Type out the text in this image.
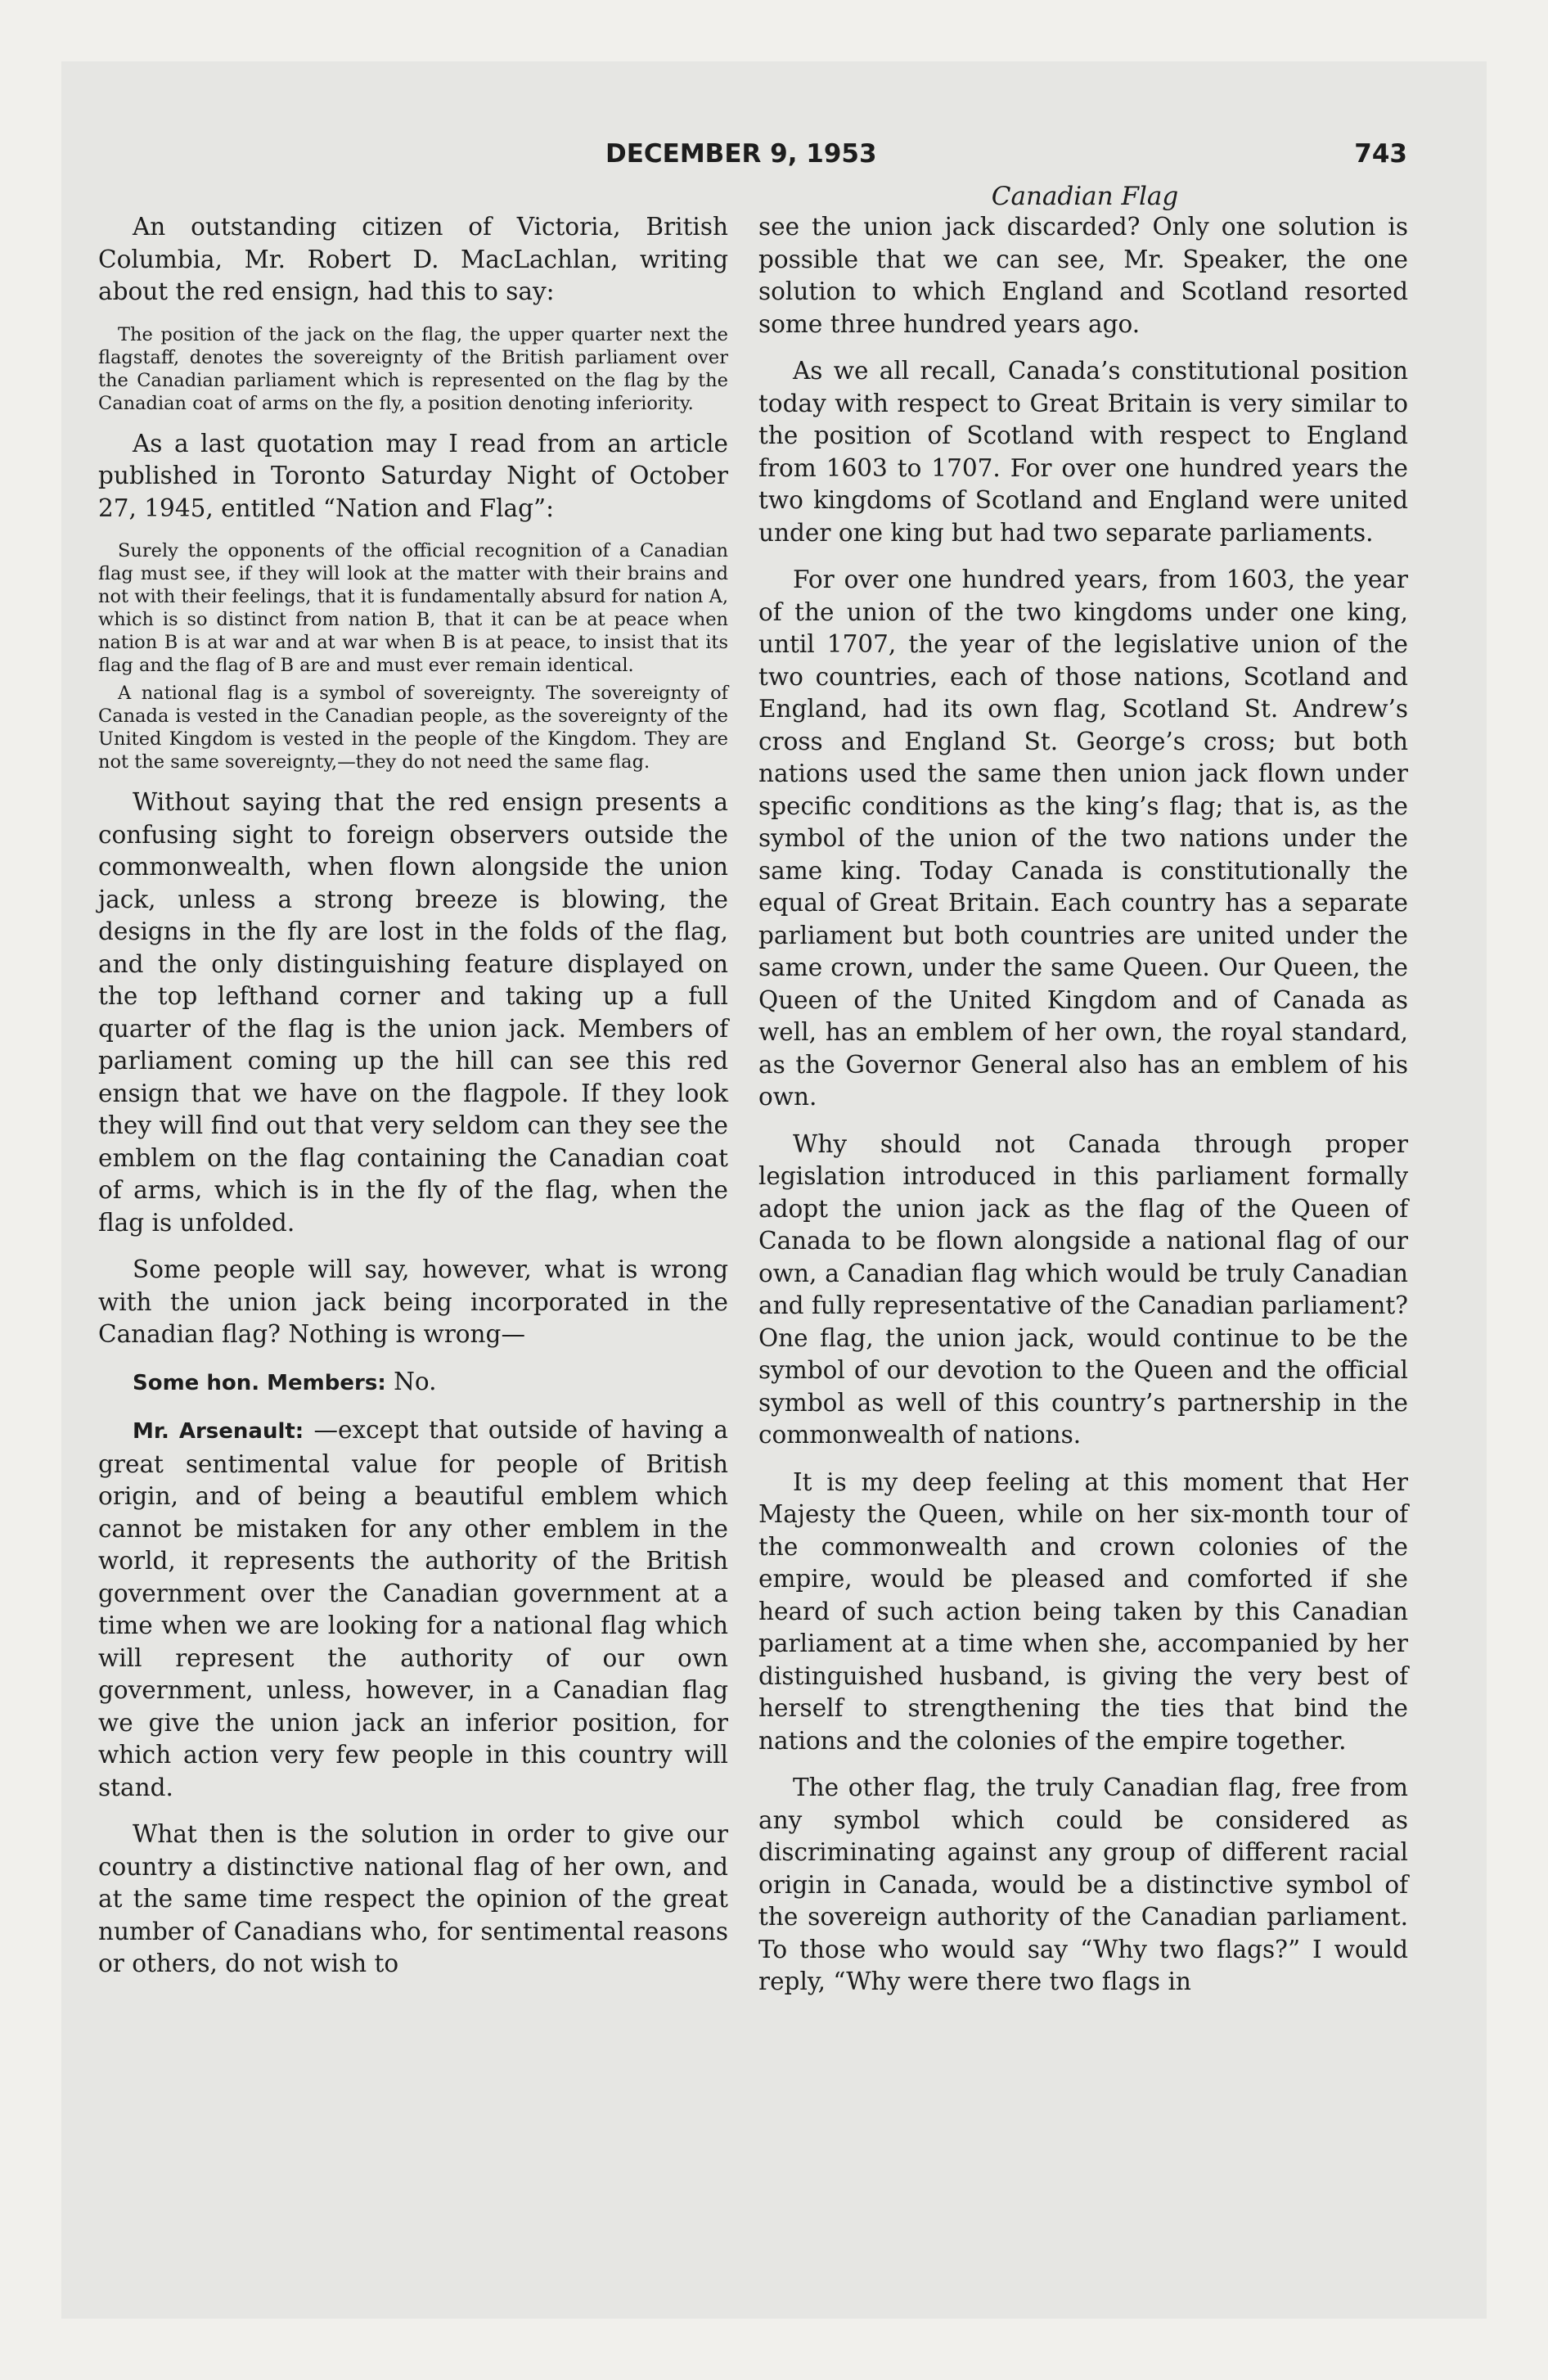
DECEMBER 9, 1953	743
Canadian Flag

An outstanding citizen of Victoria, British Columbia, Mr. Robert D. MacLachlan, writing about the red ensign, had this to say:

The position of the jack on the flag, the upper quarter next the flagstaff, denotes the sovereignty of the British parliament over the Canadian parliament which is represented on the flag by the Canadian coat of arms on the fly, a position denoting inferiority.

As a last quotation may I read from an article published in Toronto Saturday Night of October 27, 1945, entitled “Nation and Flag”:

Surely the opponents of the official recognition of a Canadian flag must see, if they will look at the matter with their brains and not with their feelings, that it is fundamentally absurd for nation A, which is so distinct from nation B, that it can be at peace when nation B is at war and at war when B is at peace, to insist that its flag and the flag of B are and must ever remain identical.

A national flag is a symbol of sovereignty. The sovereignty of Canada is vested in the Canadian people, as the sovereignty of the United Kingdom is vested in the people of the Kingdom. They are not the same sovereignty,—they do not need the same flag.

Without saying that the red ensign presents a confusing sight to foreign observers outside the commonwealth, when flown alongside the union jack, unless a strong breeze is blowing, the designs in the fly are lost in the folds of the flag, and the only distinguishing feature displayed on the top lefthand corner and taking up a full quarter of the flag is the union jack. Members of parliament coming up the hill can see this red ensign that we have on the flagpole. If they look they will find out that very seldom can they see the emblem on the flag containing the Canadian coat of arms, which is in the fly of the flag, when the flag is unfolded.

Some people will say, however, what is wrong with the union jack being incorporated in the Canadian flag? Nothing is wrong—

Some hon. Members: No.

Mr. Arsenault: —except that outside of having a great sentimental value for people of British origin, and of being a beautiful emblem which cannot be mistaken for any other emblem in the world, it represents the authority of the British government over the Canadian government at a time when we are looking for a national flag which will represent the authority of our own government, unless, however, in a Canadian flag we give the union jack an inferior position, for which action very few people in this country will stand.

What then is the solution in order to give our country a distinctive national flag of her own, and at the same time respect the opinion of the great number of Canadians who, for sentimental reasons or others, do not wish to

see the union jack discarded? Only one solution is possible that we can see, Mr. Speaker, the one solution to which England and Scotland resorted some three hundred years ago.

As we all recall, Canada’s constitutional position today with respect to Great Britain is very similar to the position of Scotland with respect to England from 1603 to 1707. For over one hundred years the two kingdoms of Scotland and England were united under one king but had two separate parliaments.

For over one hundred years, from 1603, the year of the union of the two kingdoms under one king, until 1707, the year of the legislative union of the two countries, each of those nations, Scotland and England, had its own flag, Scotland St. Andrew’s cross and England St. George’s cross; but both nations used the same then union jack flown under specific conditions as the king’s flag; that is, as the symbol of the union of the two nations under the same king. Today Canada is constitutionally the equal of Great Britain. Each country has a separate parliament but both countries are united under the same crown, under the same Queen. Our Queen, the Queen of the United Kingdom and of Canada as well, has an emblem of her own, the royal standard, as the Governor General also has an emblem of his own.

Why should not Canada through proper legislation introduced in this parliament formally adopt the union jack as the flag of the Queen of Canada to be flown alongside a national flag of our own, a Canadian flag which would be truly Canadian and fully representative of the Canadian parliament? One flag, the union jack, would continue to be the symbol of our devotion to the Queen and the official symbol as well of this country’s partnership in the commonwealth of nations.

It is my deep feeling at this moment that Her Majesty the Queen, while on her six-month tour of the commonwealth and crown colonies of the empire, would be pleased and comforted if she heard of such action being taken by this Canadian parliament at a time when she, accompanied by her distinguished husband, is giving the very best of herself to strengthening the ties that bind the nations and the colonies of the empire together.

The other flag, the truly Canadian flag, free from any symbol which could be considered as discriminating against any group of different racial origin in Canada, would be a distinctive symbol of the sovereign authority of the Canadian parliament. To those who would say “Why two flags?” I would reply, “Why were there two flags in
